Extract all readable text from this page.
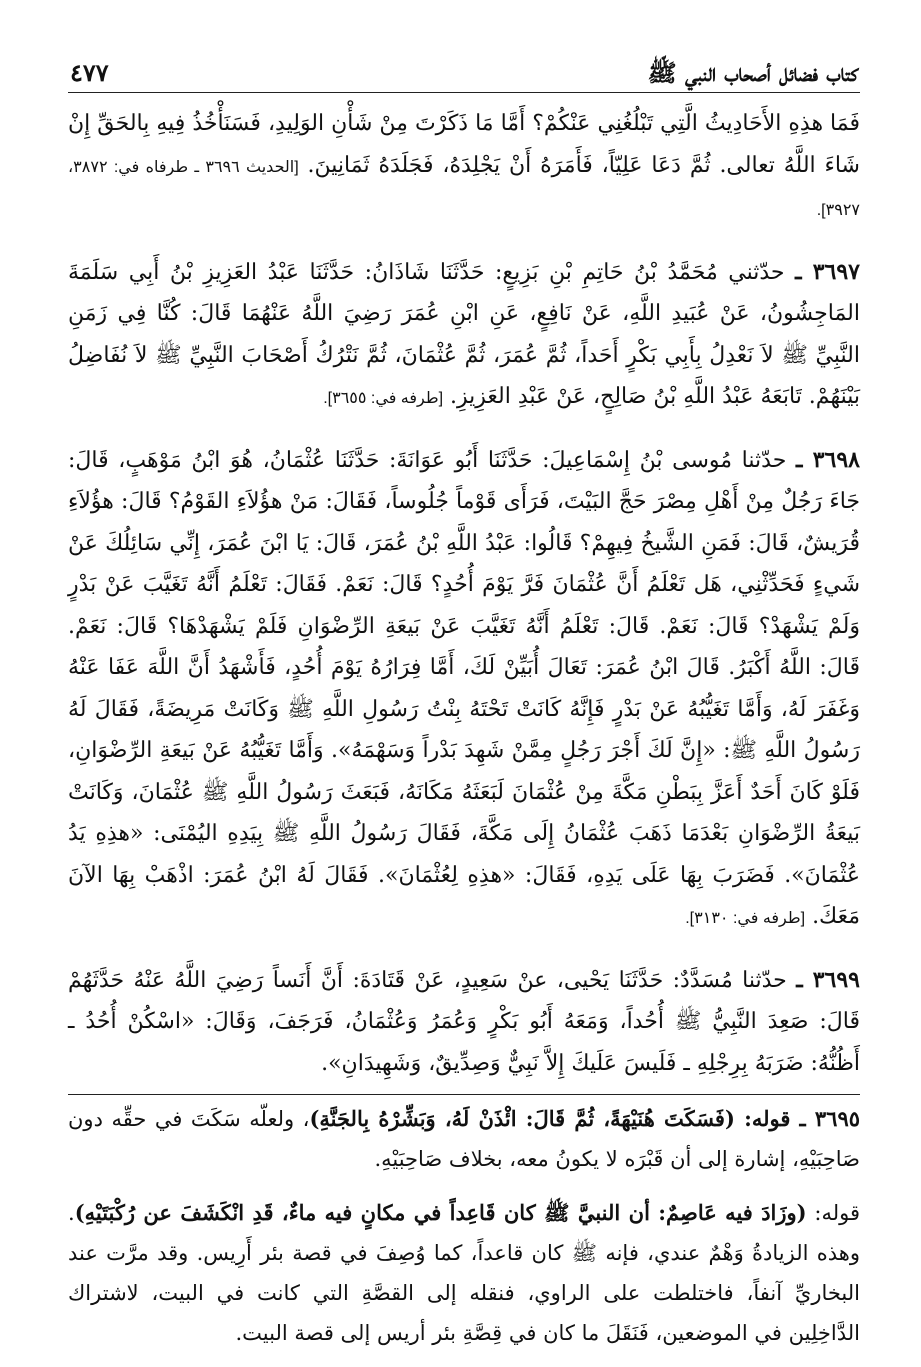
كتاب فضائل أصحاب النبي ﷺ
٤٧٧

فَمَا هذِهِ الأَحَادِيثُ الَّتِي تَبْلُغُنِي عَنْكُمْ؟ أَمَّا مَا ذَكَرْتَ مِنْ شَأْنِ الوَلِيدِ، فَسَنَأْخُذُ فِيهِ بِالحَقِّ إِنْ شَاءَ اللَّهُ تعالى. ثُمَّ دَعَا عَلِيّاً، فَأَمَرَهُ أَنْ يَجْلِدَهُ، فَجَلَدَهُ ثَمَانِينَ. [الحديث ٣٦٩٦ ـ طرفاه في: ٣٨٧٢، ٣٩٢٧].

٣٦٩٧ ـ حدّثني مُحَمَّدُ بْنُ حَاتِمِ بْنِ بَزِيعٍ: حَدَّثَنَا شَاذَانُ: حَدَّثَنَا عَبْدُ العَزِيزِ بْنُ أَبِي سَلَمَةَ المَاجِشُونُ، عَنْ عُبَيدِ اللَّهِ، عَنْ نَافِعٍ، عَنِ ابْنِ عُمَرَ رَضِيَ اللَّهُ عَنْهُمَا قَالَ: كُنَّا فِي زَمَنِ النَّبِيِّ ﷺ لاَ نَعْدِلُ بِأَبِي بَكْرٍ أَحَداً، ثُمَّ عُمَرَ، ثُمَّ عُثْمَانَ، ثُمَّ نَتْرُكُ أَصْحَابَ النَّبِيِّ ﷺ لاَ نُفَاضِلُ بَيْنَهُمْ. تَابَعَهُ عَبْدُ اللَّهِ بْنُ صَالِحٍ، عَنْ عَبْدِ العَزِيزِ. [طرفه في: ٣٦٥٥].

٣٦٩٨ ـ حدّثنا مُوسى بْنُ إِسْمَاعِيلَ: حَدَّثَنَا أَبُو عَوَانَةَ: حَدَّثَنَا عُثْمَانُ، هُوَ ابْنُ مَوْهَبٍ، قَالَ: جَاءَ رَجُلٌ مِنْ أَهْلِ مِصْرَ حَجَّ البَيْتَ، فَرَأَى قَوْماً جُلُوساً، فَقَالَ: مَنْ هؤُلاَءِ القَوْمُ؟ قَالَ: هؤُلاَءِ قُرَيشٌ، قَالَ: فَمَنِ الشَّيخُ فِيهِمْ؟ قَالُوا: عَبْدُ اللَّهِ بْنُ عُمَرَ، قَالَ: يَا ابْنَ عُمَرَ، إِنِّي سَائِلُكَ عَنْ شَيءٍ فَحَدِّثْنِي، هَل تَعْلَمُ أَنَّ عُثْمَانَ فَرَّ يَوْمَ أُحُدٍ؟ قَالَ: نَعَمْ. فَقَالَ: تَعْلَمُ أَنَّهُ تَغَيَّبَ عَنْ بَدْرٍ وَلَمْ يَشْهَدْ؟ قَالَ: نَعَمْ. قَالَ: تَعْلَمُ أَنَّهُ تَغَيَّبَ عَنْ بَيعَةِ الرِّضْوَانِ فَلَمْ يَشْهَدْهَا؟ قَالَ: نَعَمْ. قَالَ: اللَّهُ أَكْبَرُ. قَالَ ابْنُ عُمَرَ: تَعَالَ أُبَيِّنْ لَكَ، أَمَّا فِرَارُهُ يَوْمَ أُحُدٍ، فَأَشْهَدُ أَنَّ اللَّهَ عَفَا عَنْهُ وَغَفَرَ لَهُ، وَأَمَّا تَغَيُّبُهُ عَنْ بَدْرٍ فَإِنَّهُ كَانَتْ تَحْتَهُ بِنْتُ رَسُولِ اللَّهِ ﷺ وَكَانَتْ مَرِيضَةً، فَقَالَ لَهُ رَسُولُ اللَّهِ ﷺ: «إِنَّ لَكَ أَجْرَ رَجُلٍ مِمَّنْ شَهِدَ بَدْراً وَسَهْمَهُ». وَأَمَّا تَغَيُّبُهُ عَنْ بَيعَةِ الرِّضْوَانِ، فَلَوْ كَانَ أَحَدٌ أَعَزَّ بِبَطْنِ مَكَّةَ مِنْ عُثْمَانَ لَبَعَثَهُ مَكَانَهُ، فَبَعَثَ رَسُولُ اللَّهِ ﷺ عُثْمَانَ، وَكَانَتْ بَيعَةُ الرِّضْوَانِ بَعْدَمَا ذَهَبَ عُثْمَانُ إِلَى مَكَّةَ، فَقَالَ رَسُولُ اللَّهِ ﷺ بِيَدِهِ اليُمْنَى: «هذِهِ يَدُ عُثْمَانَ». فَضَرَبَ بِهَا عَلَى يَدِهِ، فَقَالَ: «هذِهِ لِعُثْمَانَ». فَقَالَ لَهُ ابْنُ عُمَرَ: اذْهَبْ بِهَا الآنَ مَعَكَ. [طرفه في: ٣١٣٠].

٣٦٩٩ ـ حدّثنا مُسَدَّدٌ: حَدَّثَنَا يَحْيى، عنْ سَعِيدٍ، عَنْ قَتَادَةَ: أَنَّ أَنَساً رَضِيَ اللَّهُ عَنْهُ حَدَّثَهُمْ قَالَ: صَعِدَ النَّبِيُّ ﷺ أُحُداً، وَمَعَهُ أَبُو بَكْرٍ وَعُمَرُ وَعُثْمَانُ، فَرَجَفَ، وَقَالَ: «اسْكُنْ أُحُدُ ـ أَظُنُّهُ: ضَرَبَهُ بِرِجْلِهِ ـ فَلَيسَ عَلَيكَ إِلاَّ نَبِيٌّ وَصِدِّيقٌ، وَشَهِيدَانِ».

٣٦٩٥ ـ قوله: (فَسَكَتَ هُنَيْهَةً، ثُمَّ قَالَ: ائْذَنْ لَهُ، وَبَشِّرْهُ بِالجَنَّةِ)، ولعلّه سَكَتَ في حقِّه دون صَاحِبَيْهِ، إشارة إلى أن قَبْرَه لا يكونُ معه، بخلاف صَاحِبَيْهِ.

قوله: (وزَادَ فيه عَاصِمٌ: أن النبيَّ ﷺ كان قَاعِداً في مكانٍ فيه ماءٌ، قَدِ انْكَشَفَ عن رُكْبَتَيْهِ). وهذه الزيادةُ وَهْمٌ عندي، فإنه ﷺ كان قاعداً، كما وُصِفَ في قصة بئر أَرِيس. وقد مرَّت عند البخاريِّ آنفاً، فاختلطت على الراوي، فنقله إلى القصَّةِ التي كانت في البيت، لاشتراك الدَّاخِلِين في الموضعين، فَنَقَلَ ما كان في قِصَّةِ بئر أريس إلى قصة البيت.
